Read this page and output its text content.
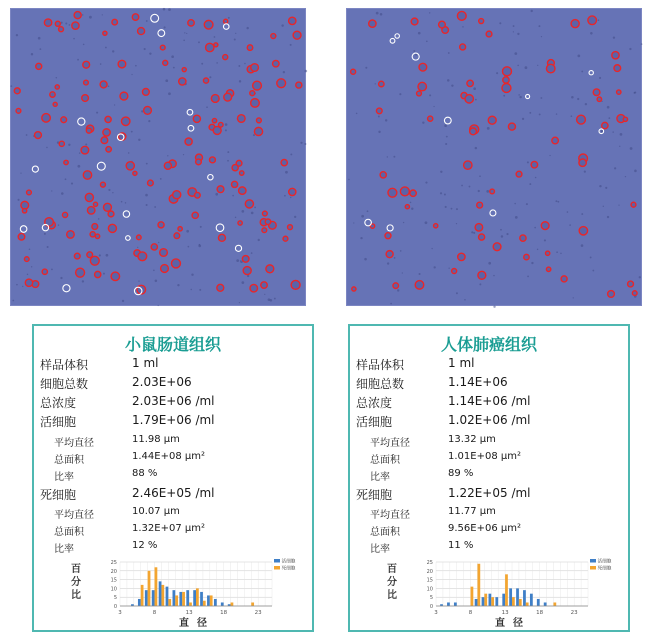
小鼠肠道组织
样品体积	1 ml
细胞总数	2.03E+06
总浓度	2.03E+06 /ml
活细胞	1.79E+06 /ml
平均直径	11.98 µm
总面积	1.44E+08 µm²
比率	88 %
死细胞	2.46E+05 /ml
平均直径	10.07 µm
总面积	1.32E+07 µm²
比率	12 %
百
分
比
0
5
10
15
20
25
3	8	13	18	23
直径
活细胞
死细胞
人体肺癌组织
样品体积	1 ml
细胞总数	1.14E+06
总浓度	1.14E+06 /ml
活细胞	1.02E+06 /ml
平均直径	13.32 µm
总面积	1.01E+08 µm²
比率	89 %
死细胞	1.22E+05 /ml
平均直径	11.77 µm
总面积	9.56E+06 µm²
比率	11 %
百
分
比
0
5
10
15
20
25
3	8	13	18	23
直径
活细胞
死细胞
